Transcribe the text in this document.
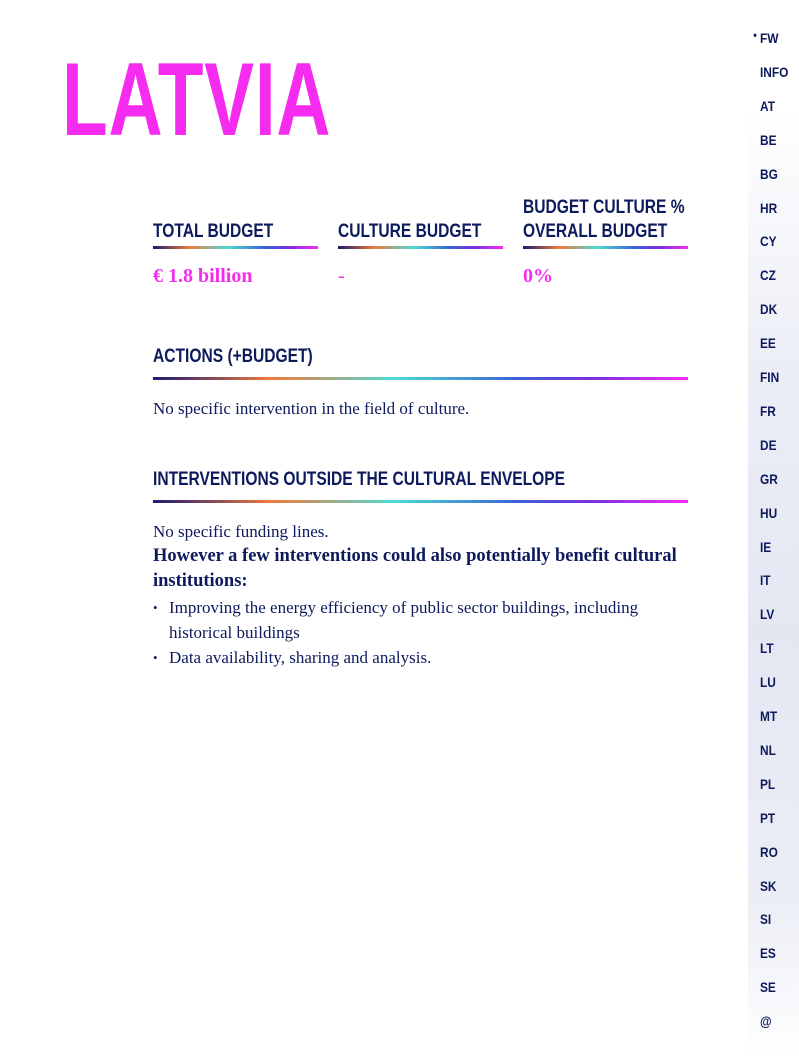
LATVIA
TOTAL BUDGET
€ 1.8 billion
CULTURE BUDGET
-
BUDGET CULTURE %
OVERALL BUDGET
0%
ACTIONS (+BUDGET)
No specific intervention in the field of culture.
INTERVENTIONS OUTSIDE THE CULTURAL ENVELOPE
No specific funding lines.
However a few interventions could also potentially benefit cultural institutions:
• Improving the energy efficiency of public sector buildings, including historical buildings
• Data availability, sharing and analysis.
• FW
INFO
AT
BE
BG
HR
CY
CZ
DK
EE
FIN
FR
DE
GR
HU
IE
IT
LV
LT
LU
MT
NL
PL
PT
RO
SK
SI
ES
SE
@
